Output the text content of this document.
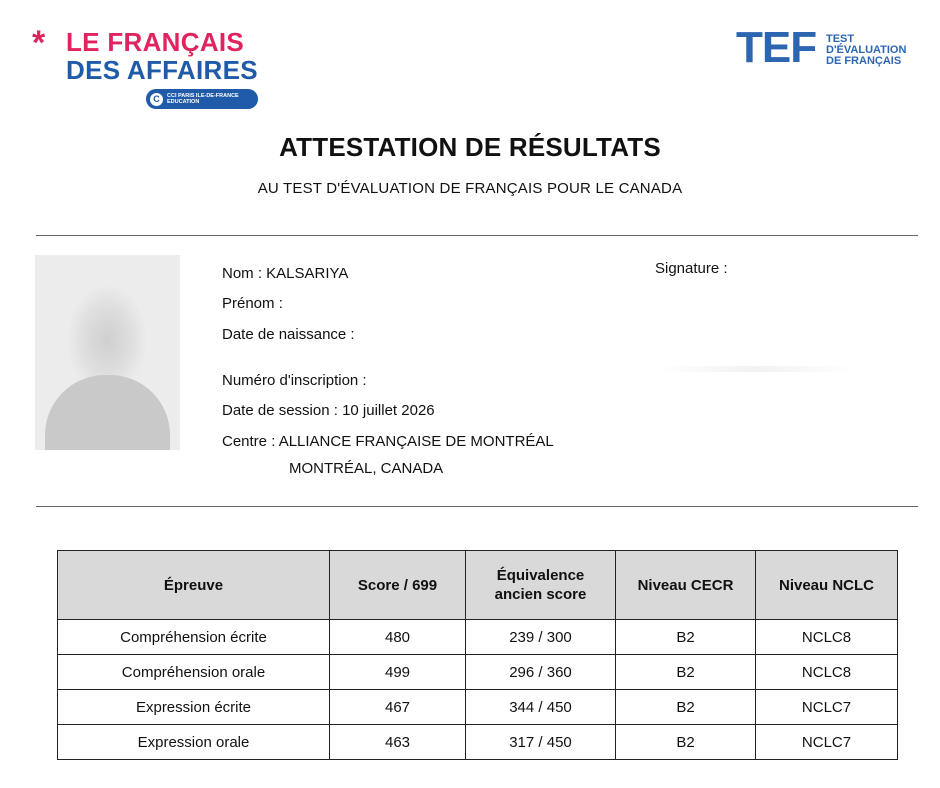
* LE FRANÇAIS
DES AFFAIRES
C	CCI PARIS ILE-DE-FRANCE
EDUCATION
TEF TEST
D'ÉVALUATION
DE FRANÇAIS
ATTESTATION DE RÉSULTATS
AU TEST D'ÉVALUATION DE FRANÇAIS POUR LE CANADA
Nom : KALSARIYA
Prénom :
Date de naissance :
Numéro d'inscription :
Date de session : 10 juillet 2026
Centre : ALLIANCE FRANÇAISE DE MONTRÉAL
MONTRÉAL, CANADA
Signature :
Épreuve	Score / 699	Équivalence ancien score	Niveau CECR	Niveau NCLC
Compréhension écrite	480	239 / 300	B2	NCLC8
Compréhension orale	499	296 / 360	B2	NCLC8
Expression écrite	467	344 / 450	B2	NCLC7
Expression orale	463	317 / 450	B2	NCLC7
